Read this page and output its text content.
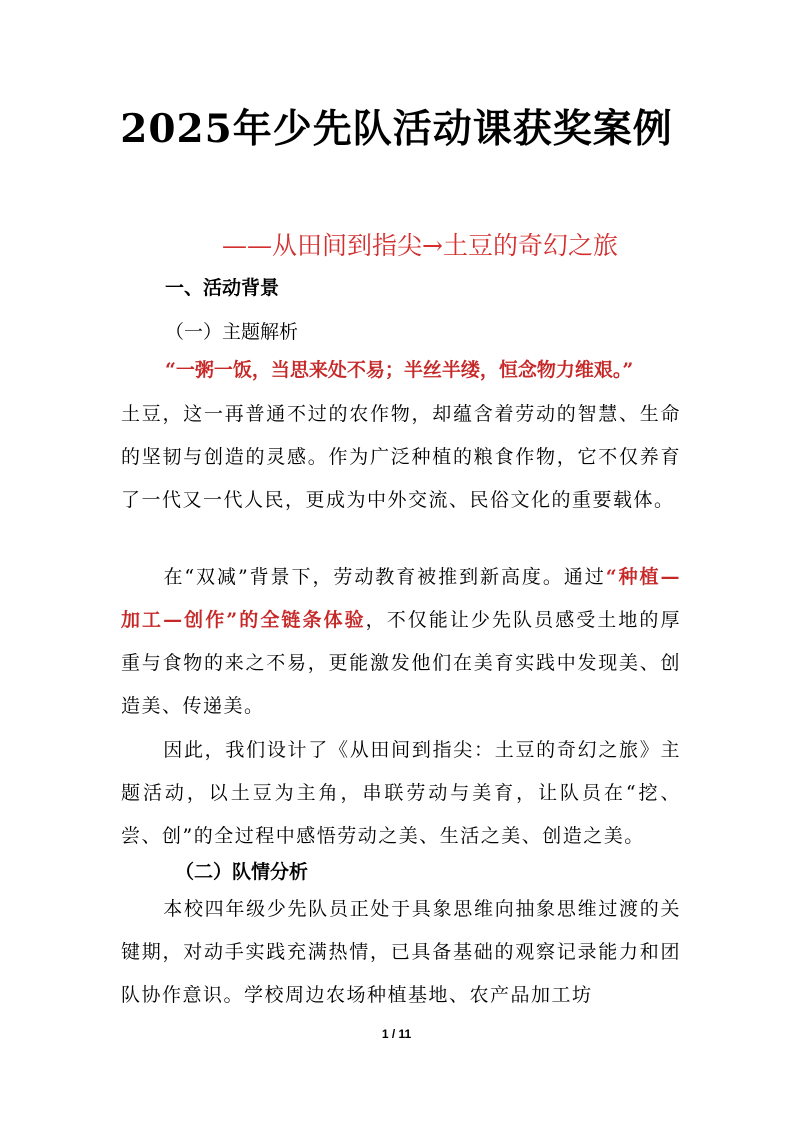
2025年少先队活动课获奖案例
——从田间到指尖→土豆的奇幻之旅
一、活动背景
（一）主题解析
“一粥一饭，当思来处不易；半丝半缕，恒念物力维艰。”
土豆，这一再普通不过的农作物，却蕴含着劳动的智慧、生命的坚韧与创造的灵感。作为广泛种植的粮食作物，它不仅养育了一代又一代人民，更成为中外交流、民俗文化的重要载体。
在“双减”背景下，劳动教育被推到新高度。通过“种植—加工—创作”的全链条体验，不仅能让少先队员感受土地的厚重与食物的来之不易，更能激发他们在美育实践中发现美、创造美、传递美。
因此，我们设计了《从田间到指尖：土豆的奇幻之旅》主题活动，以土豆为主角，串联劳动与美育，让队员在“挖、尝、创”的全过程中感悟劳动之美、生活之美、创造之美。
（二）队情分析
本校四年级少先队员正处于具象思维向抽象思维过渡的关键期，对动手实践充满热情，已具备基础的观察记录能力和团队协作意识。学校周边农场种植基地、农产品加工坊
1 / 11
